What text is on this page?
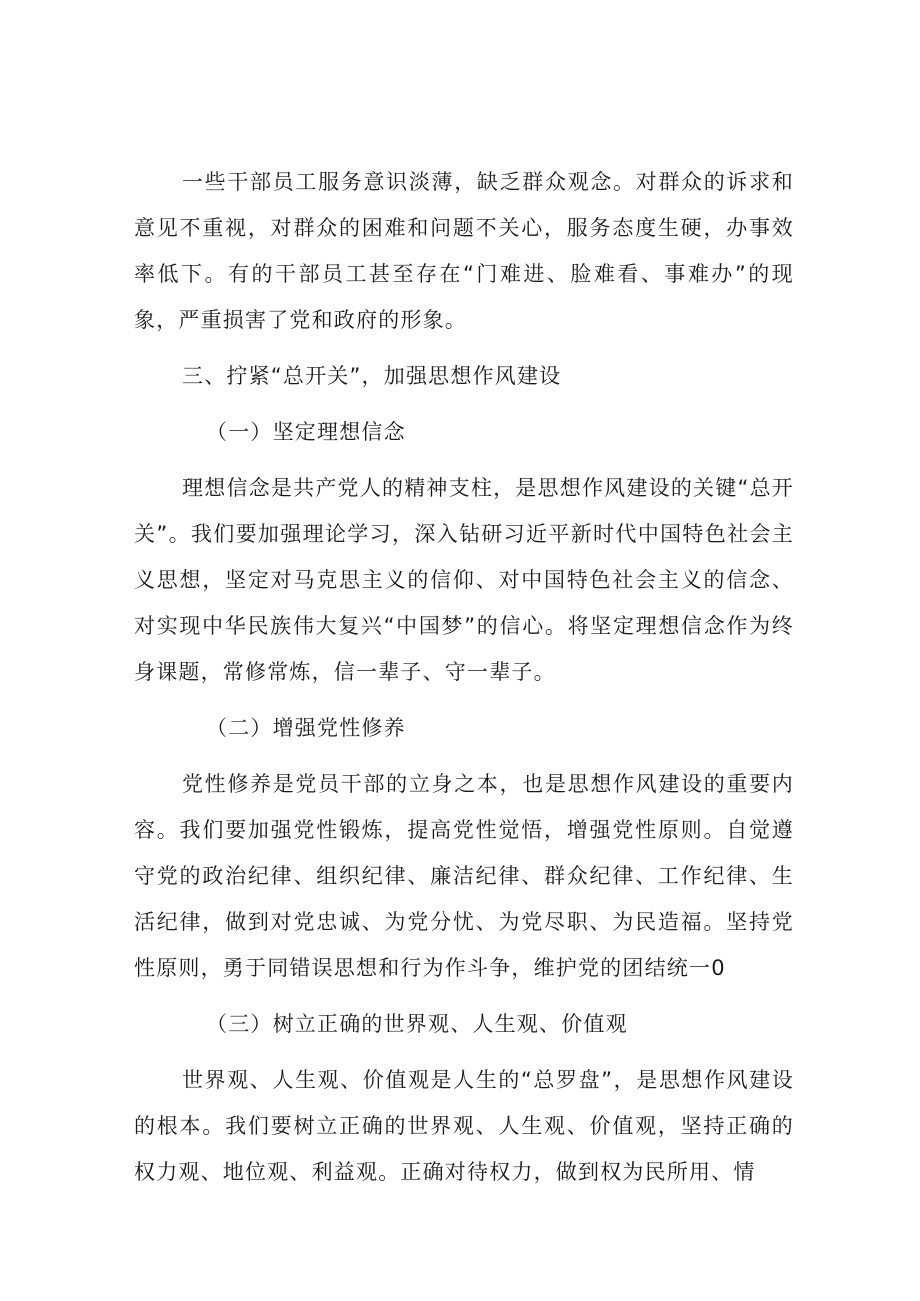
一些干部员工服务意识淡薄，缺乏群众观念。对群众的诉求和意见不重视，对群众的困难和问题不关心，服务态度生硬，办事效率低下。有的干部员工甚至存在“门难进、脸难看、事难办”的现象，严重损害了党和政府的形象。

三、拧紧“总开关”，加强思想作风建设

（一）坚定理想信念

理想信念是共产党人的精神支柱，是思想作风建设的关键“总开关”。我们要加强理论学习，深入钻研习近平新时代中国特色社会主义思想，坚定对马克思主义的信仰、对中国特色社会主义的信念、对实现中华民族伟大复兴“中国梦”的信心。将坚定理想信念作为终身课题，常修常炼，信一辈子、守一辈子。

（二）增强党性修养

党性修养是党员干部的立身之本，也是思想作风建设的重要内容。我们要加强党性锻炼，提高党性觉悟，增强党性原则。自觉遵守党的政治纪律、组织纪律、廉洁纪律、群众纪律、工作纪律、生活纪律，做到对党忠诚、为党分忧、为党尽职、为民造福。坚持党性原则，勇于同错误思想和行为作斗争，维护党的团结统一0

（三）树立正确的世界观、人生观、价值观

世界观、人生观、价值观是人生的“总罗盘”，是思想作风建设的根本。我们要树立正确的世界观、人生观、价值观，坚持正确的权力观、地位观、利益观。正确对待权力，做到权为民所用、情
